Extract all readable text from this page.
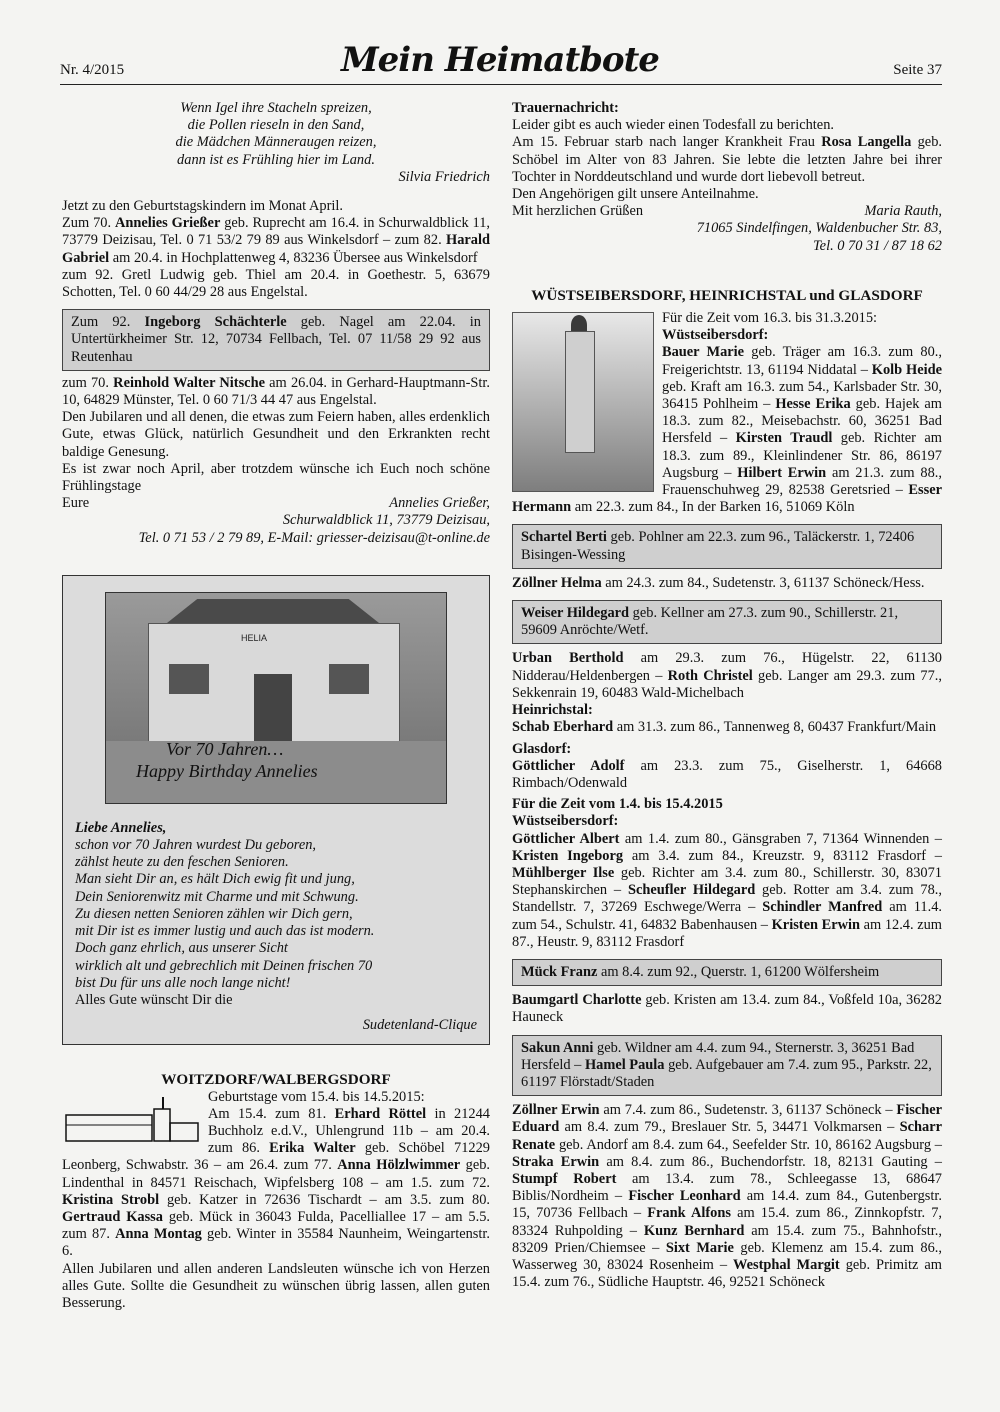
Nr. 4/2015	Mein Heimatbote	Seite 37

Wenn Igel ihre Stacheln spreizen,

die Pollen rieseln in den Sand,

die Mädchen Männeraugen reizen,

dann ist es Frühling hier im Land.

Silvia Friedrich

Jetzt zu den Geburtstagskindern im Monat April.

Zum 70. Annelies Grießer geb. Ruprecht am 16.4. in Schurwaldblick 11, 73779 Deizisau, Tel. 0 71 53/2 79 89 aus Winkelsdorf – zum 82. Harald Gabriel am 20.4. in Hochplattenweg 4, 83236 Übersee aus Winkelsdorf

zum 92. Gretl Ludwig geb. Thiel am 20.4. in Goethestr. 5, 63679 Schotten, Tel. 0 60 44/29 28 aus Engelstal.

Zum 92. Ingeborg Schächterle geb. Nagel am 22.04. in Untertürkheimer Str. 12, 70734 Fellbach, Tel. 07 11/58 29 92 aus Reutenhau

zum 70. Reinhold Walter Nitsche am 26.04. in Gerhard-Hauptmann-Str. 10, 64829 Münster, Tel. 0 60 71/3 44 47 aus Engelstal.

Den Jubilaren und all denen, die etwas zum Feiern haben, alles erdenklich Gute, etwas Glück, natürlich Gesundheit und den Erkrankten recht baldige Genesung.

Es ist zwar noch April, aber trotzdem wünsche ich Euch noch schöne Frühlingstage

Eure	Annelies Grießer,

Schurwaldblick 11, 73779 Deizisau,

Tel. 0 71 53 / 2 79 89, E-Mail: griesser-deizisau@t-online.de

HELIA
Vor 70 Jahren…
Happy Birthday Annelies

Liebe Annelies,

schon vor 70 Jahren wurdest Du geboren,

zählst heute zu den feschen Senioren.

Man sieht Dir an, es hält Dich ewig fit und jung,

Dein Seniorenwitz mit Charme und mit Schwung.

Zu diesen netten Senioren zählen wir Dich gern,

mit Dir ist es immer lustig und auch das ist modern.

Doch ganz ehrlich, aus unserer Sicht

wirklich alt und gebrechlich mit Deinen frischen 70

bist Du für uns alle noch lange nicht!

Alles Gute wünscht Dir die

Sudetenland-Clique

WOITZDORF/WALBERGSDORF

Geburtstage vom 15.4. bis 14.5.2015:

Am 15.4. zum 81. Erhard Röttel in 21244 Buchholz e.d.V., Uhlengrund 11b – am 20.4. zum 86. Erika Walter geb. Schöbel 71229 Leonberg, Schwabstr. 36 – am 26.4. zum 77. Anna Hölzlwimmer geb. Lindenthal in 84571 Reischach, Wipfelsberg 108 – am 1.5. zum 72. Kristina Strobl geb. Katzer in 72636 Tischardt – am 3.5. zum 80. Gertraud Kassa geb. Mück in 36043 Fulda, Pacelliallee 17 – am 5.5. zum 87. Anna Montag geb. Winter in 35584 Naunheim, Weingartenstr. 6.

Allen Jubilaren und allen anderen Landsleuten wünsche ich von Herzen alles Gute. Sollte die Gesundheit zu wünschen übrig lassen, allen guten Besserung.

Trauernachricht:

Leider gibt es auch wieder einen Todesfall zu berichten.

Am 15. Februar starb nach langer Krankheit Frau Rosa Langella geb. Schöbel im Alter von 83 Jahren. Sie lebte die letzten Jahre bei ihrer Tochter in Norddeutschland und wurde dort liebevoll betreut.

Den Angehörigen gilt unsere Anteilnahme.

Mit herzlichen Grüßen	Maria Rauth,

71065 Sindelfingen, Waldenbucher Str. 83,

Tel. 0 70 31 / 87 18 62

WÜSTSEIBERSDORF, HEINRICHSTAL und GLASDORF

Für die Zeit vom 16.3. bis 31.3.2015:

Wüstseibersdorf:

Bauer Marie geb. Träger am 16.3. zum 80., Freigerichtstr. 13, 61194 Niddatal – Kolb Heide geb. Kraft am 16.3. zum 54., Karlsbader Str. 30, 36415 Pohlheim – Hesse Erika geb. Hajek am 18.3. zum 82., Meisebachstr. 60, 36251 Bad Hersfeld – Kirsten Traudl geb. Richter am 18.3. zum 89., Kleinlindener Str. 86, 86197 Augsburg – Hilbert Erwin am 21.3. zum 88., Frauenschuhweg 29, 82538 Geretsried – Esser Hermann am 22.3. zum 84., In der Barken 16, 51069 Köln

Schartel Berti geb. Pohlner am 22.3. zum 96., Taläckerstr. 1, 72406 Bisingen-Wessing

Zöllner Helma am 24.3. zum 84., Sudetenstr. 3, 61137 Schöneck/Hess.

Weiser Hildegard geb. Kellner am 27.3. zum 90., Schillerstr. 21, 59609 Anröchte/Wetf.

Urban Berthold am 29.3. zum 76., Hügelstr. 22, 61130 Nidderau/Heldenbergen – Roth Christel geb. Langer am 29.3. zum 77., Sekkenrain 19, 60483 Wald-Michelbach

Heinrichstal:

Schab Eberhard am 31.3. zum 86., Tannenweg 8, 60437 Frankfurt/Main

Glasdorf:

Göttlicher Adolf am 23.3. zum 75., Giselherstr. 1, 64668 Rimbach/Odenwald

Für die Zeit vom 1.4. bis 15.4.2015

Wüstseibersdorf:

Göttlicher Albert am 1.4. zum 80., Gänsgraben 7, 71364 Winnenden – Kristen Ingeborg am 3.4. zum 84., Kreuzstr. 9, 83112 Frasdorf – Mühlberger Ilse geb. Richter am 3.4. zum 80., Schillerstr. 30, 83071 Stephanskirchen – Scheufler Hildegard geb. Rotter am 3.4. zum 78., Standellstr. 7, 37269 Eschwege/Werra – Schindler Manfred am 11.4. zum 54., Schulstr. 41, 64832 Babenhausen – Kristen Erwin am 12.4. zum 87., Heustr. 9, 83112 Frasdorf

Mück Franz am 8.4. zum 92., Querstr. 1, 61200 Wölfersheim

Baumgartl Charlotte geb. Kristen am 13.4. zum 84., Voßfeld 10a, 36282 Hauneck

Sakun Anni geb. Wildner am 4.4. zum 94., Sternerstr. 3, 36251 Bad Hersfeld – Hamel Paula geb. Aufgebauer am 7.4. zum 95., Parkstr. 22, 61197 Flörstadt/Staden

Zöllner Erwin am 7.4. zum 86., Sudetenstr. 3, 61137 Schöneck – Fischer Eduard am 8.4. zum 79., Breslauer Str. 5, 34471 Volkmarsen – Scharr Renate geb. Andorf am 8.4. zum 64., Seefelder Str. 10, 86162 Augsburg – Straka Erwin am 8.4. zum 86., Buchendorfstr. 18, 82131 Gauting – Stumpf Robert am 13.4. zum 78., Schleegasse 13, 68647 Biblis/Nordheim – Fischer Leonhard am 14.4. zum 84., Gutenbergstr. 15, 70736 Fellbach – Frank Alfons am 15.4. zum 86., Zinnkopfstr. 7, 83324 Ruhpolding – Kunz Bernhard am 15.4. zum 75., Bahnhofstr., 83209 Prien/Chiemsee – Sixt Marie geb. Klemenz am 15.4. zum 86., Wasserweg 30, 83024 Rosenheim – Westphal Margit geb. Primitz am 15.4. zum 76., Südliche Hauptstr. 46, 92521 Schöneck
